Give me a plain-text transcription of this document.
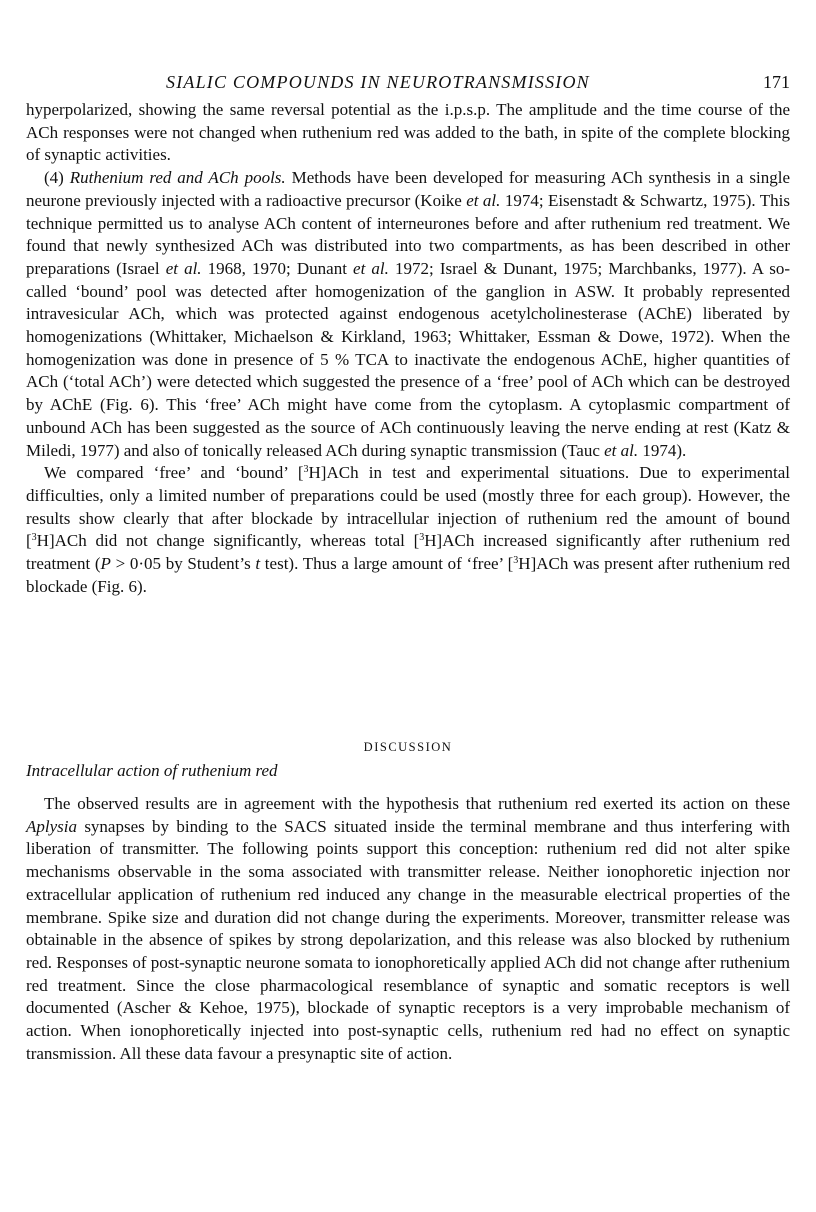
SIALIC COMPOUNDS IN NEUROTRANSMISSION	171

hyperpolarized, showing the same reversal potential as the i.p.s.p. The amplitude and the time course of the ACh responses were not changed when ruthenium red was added to the bath, in spite of the complete blocking of synaptic activities.

(4) Ruthenium red and ACh pools. Methods have been developed for measuring ACh synthesis in a single neurone previously injected with a radioactive precursor (Koike et al. 1974; Eisenstadt & Schwartz, 1975). This technique permitted us to analyse ACh content of interneurones before and after ruthenium red treatment. We found that newly synthesized ACh was distributed into two compartments, as has been described in other preparations (Israel et al. 1968, 1970; Dunant et al. 1972; Israel & Dunant, 1975; Marchbanks, 1977). A so-called ‘bound’ pool was detected after homogenization of the ganglion in ASW. It probably represented intravesicular ACh, which was protected against endogenous acetylcholinesterase (AChE) liberated by homogenizations (Whittaker, Michaelson & Kirkland, 1963; Whittaker, Essman & Dowe, 1972). When the homogenization was done in presence of 5 % TCA to inactivate the endogenous AChE, higher quantities of ACh (‘total ACh’) were detected which suggested the presence of a ‘free’ pool of ACh which can be destroyed by AChE (Fig. 6). This ‘free’ ACh might have come from the cytoplasm. A cytoplasmic compartment of unbound ACh has been suggested as the source of ACh continuously leaving the nerve ending at rest (Katz & Miledi, 1977) and also of tonically released ACh during synaptic transmission (Tauc et al. 1974).

We compared ‘free’ and ‘bound’ [$^3$H]ACh in test and experimental situations. Due to experimental difficulties, only a limited number of preparations could be used (mostly three for each group). However, the results show clearly that after blockade by intracellular injection of ruthenium red the amount of bound [$^3$H]ACh did not change significantly, whereas total [$^3$H]ACh increased significantly after ruthenium red treatment (P > 0·05 by Student’s t test). Thus a large amount of ‘free’ [$^3$H]ACh was present after ruthenium red blockade (Fig. 6).

DISCUSSION
Intracellular action of ruthenium red

The observed results are in agreement with the hypothesis that ruthenium red exerted its action on these Aplysia synapses by binding to the SACS situated inside the terminal membrane and thus interfering with liberation of transmitter. The following points support this conception: ruthenium red did not alter spike mechanisms observable in the soma associated with transmitter release. Neither ionophoretic injection nor extracellular application of ruthenium red induced any change in the measurable electrical properties of the membrane. Spike size and duration did not change during the experiments. Moreover, transmitter release was obtainable in the absence of spikes by strong depolarization, and this release was also blocked by ruthenium red. Responses of post-synaptic neurone somata to ionophoretically applied ACh did not change after ruthenium red treatment. Since the close pharmacological resemblance of synaptic and somatic receptors is well documented (Ascher & Kehoe, 1975), blockade of synaptic receptors is a very improbable mechanism of action. When ionophoretically injected into post-synaptic cells, ruthenium red had no effect on synaptic transmission. All these data favour a presynaptic site of action.
